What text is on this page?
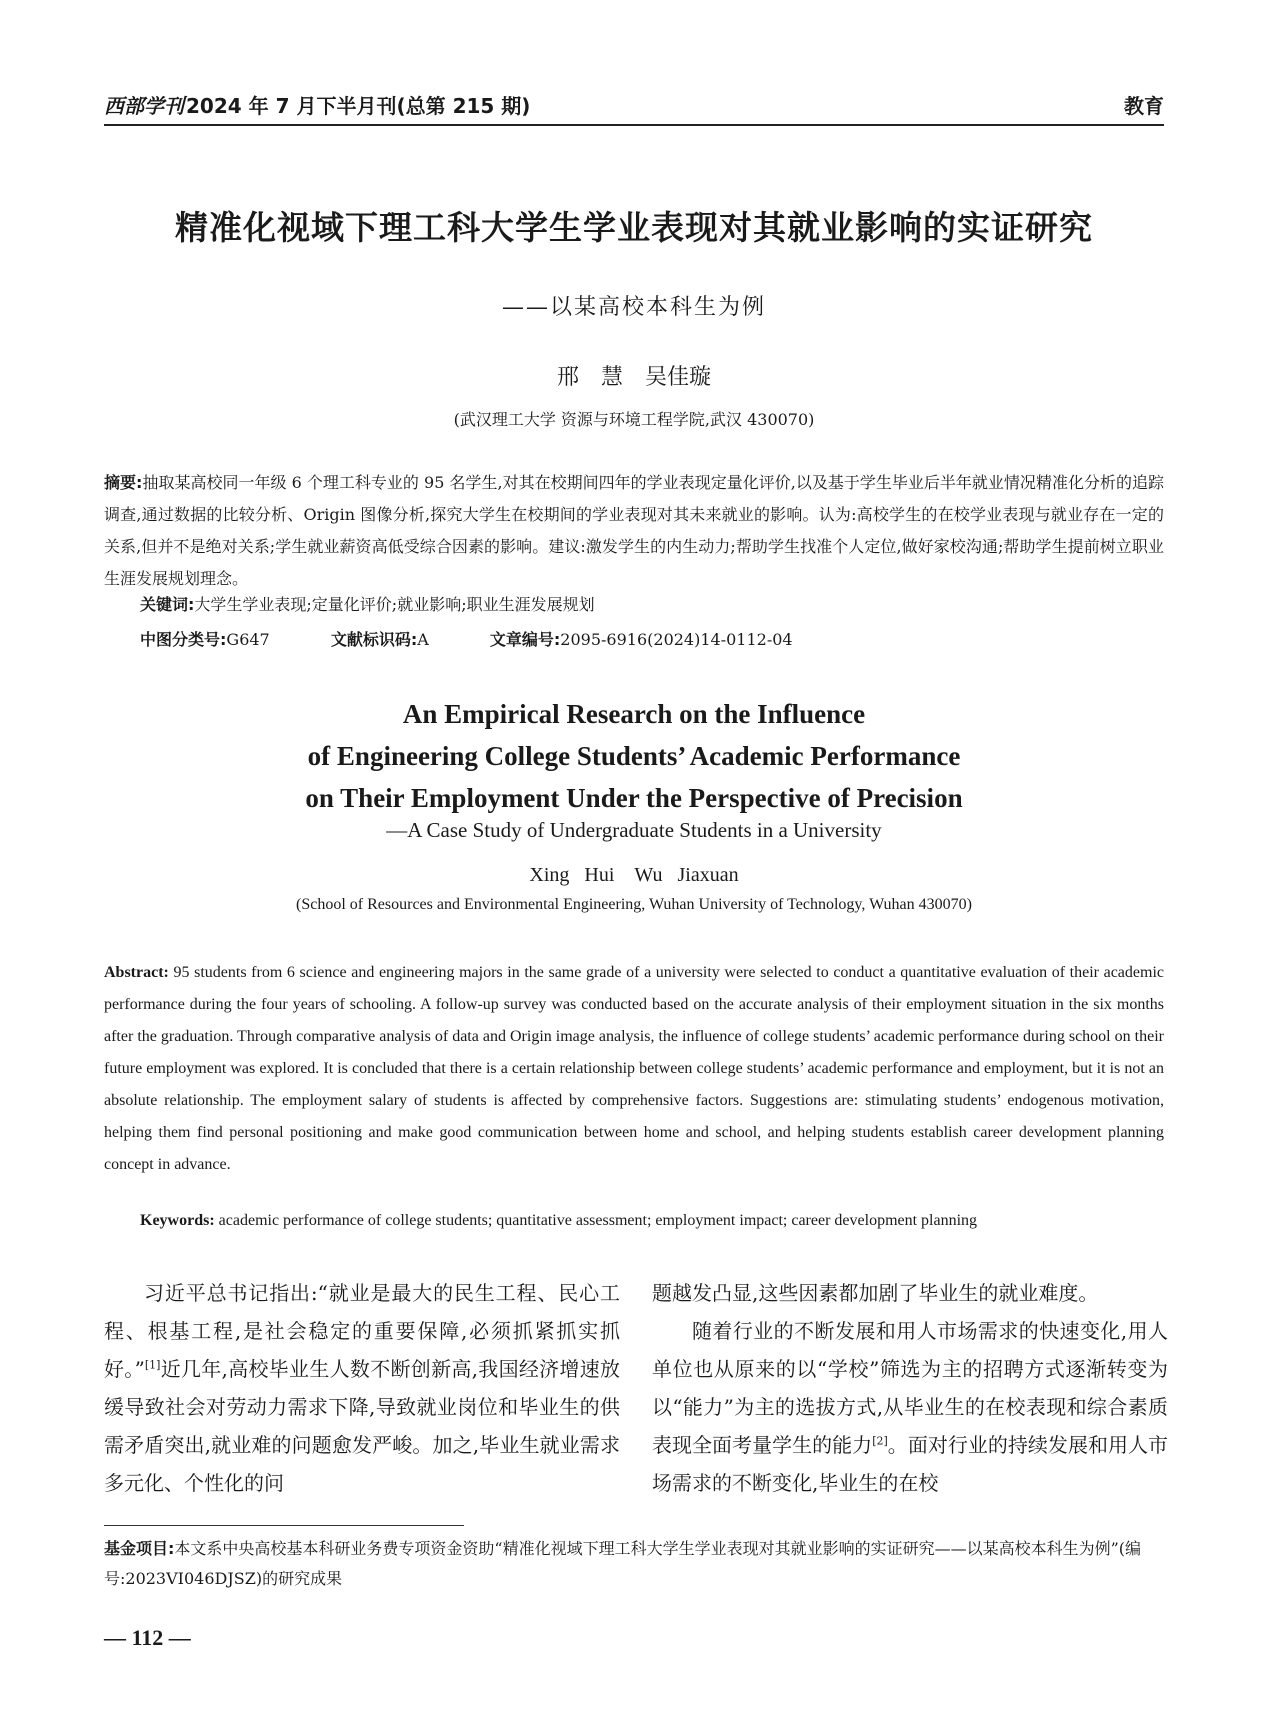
西部学刊 2024 年 7 月下半月刊(总第 215 期)	教育
精准化视域下理工科大学生学业表现对其就业影响的实证研究
——以某高校本科生为例
邢　慧　吴佳璇
(武汉理工大学 资源与环境工程学院,武汉 430070)
摘要:抽取某高校同一年级 6 个理工科专业的 95 名学生,对其在校期间四年的学业表现定量化评价,以及基于学生毕业后半年就业情况精准化分析的追踪调查,通过数据的比较分析、Origin 图像分析,探究大学生在校期间的学业表现对其未来就业的影响。认为:高校学生的在校学业表现与就业存在一定的关系,但并不是绝对关系;学生就业薪资高低受综合因素的影响。建议:激发学生的内生动力;帮助学生找准个人定位,做好家校沟通;帮助学生提前树立职业生涯发展规划理念。
关键词:大学生学业表现;定量化评价;就业影响;职业生涯发展规划
中图分类号:G647	文献标识码:A	文章编号:2095-6916(2024)14-0112-04
An Empirical Research on the Influence
of Engineering College Students’ Academic Performance
on Their Employment Under the Perspective of Precision
—A Case Study of Undergraduate Students in a University
Xing Hui　Wu Jiaxuan
(School of Resources and Environmental Engineering, Wuhan University of Technology, Wuhan 430070)
Abstract: 95 students from 6 science and engineering majors in the same grade of a university were selected to conduct a quantitative evaluation of their academic performance during the four years of schooling. A follow-up survey was conducted based on the accurate analysis of their employment situation in the six months after the graduation. Through comparative analysis of data and Origin image analysis, the influence of college students’ academic performance during school on their future employment was explored. It is concluded that there is a certain relationship between college students’ academic performance and employment, but it is not an absolute relationship. The employment salary of students is affected by comprehensive factors. Suggestions are: stimulating students’ endogenous motivation, helping them find personal positioning and make good communication between home and school, and helping students establish career development planning concept in advance.
Keywords: academic performance of college students; quantitative assessment; employment impact; career development planning

习近平总书记指出:“就业是最大的民生工程、民心工程、根基工程,是社会稳定的重要保障,必须抓紧抓实抓好。”[1]近几年,高校毕业生人数不断创新高,我国经济增速放缓导致社会对劳动力需求下降,导致就业岗位和毕业生的供需矛盾突出,就业难的问题愈发严峻。加之,毕业生就业需求多元化、个性化的问

题越发凸显,这些因素都加剧了毕业生的就业难度。

随着行业的不断发展和用人市场需求的快速变化,用人单位也从原来的以“学校”筛选为主的招聘方式逐渐转变为以“能力”为主的选拔方式,从毕业生的在校表现和综合素质表现全面考量学生的能力[2]。面对行业的持续发展和用人市场需求的不断变化,毕业生的在校

基金项目:本文系中央高校基本科研业务费专项资金资助“精准化视域下理工科大学生学业表现对其就业影响的实证研究——以某高校本科生为例”(编号:2023VI046DJSZ)的研究成果
— 112 —
